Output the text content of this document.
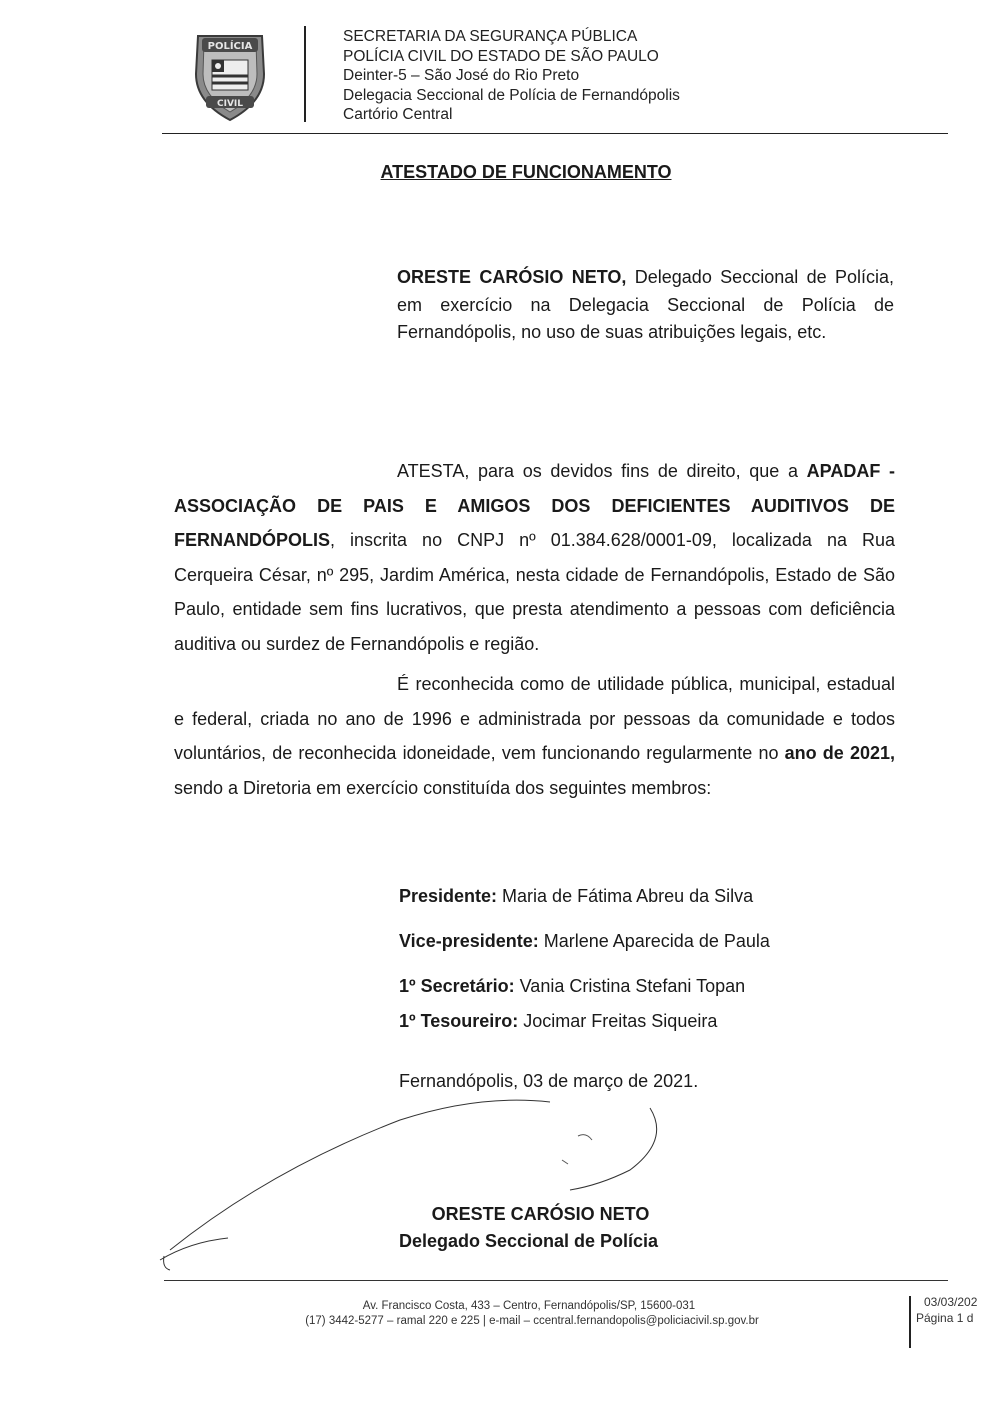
POLÍCIA
CIVIL
SECRETARIA DA SEGURANÇA PÚBLICA
POLÍCIA CIVIL DO ESTADO DE SÃO PAULO
Deinter-5 – São José do Rio Preto
Delegacia Seccional de Polícia de Fernandópolis
Cartório Central
ATESTADO DE FUNCIONAMENTO
ORESTE CARÓSIO NETO, Delegado Seccional de Polícia, em exercício na Delegacia Seccional de Polícia de Fernandópolis, no uso de suas atribuições legais, etc.

ATESTA, para os devidos fins de direito, que a APADAF - ASSOCIAÇÃO DE PAIS E AMIGOS DOS DEFICIENTES AUDITIVOS DE FERNANDÓPOLIS, inscrita no CNPJ nº 01.384.628/0001-09, localizada na Rua Cerqueira César, nº 295, Jardim América, nesta cidade de Fernandópolis, Estado de São Paulo, entidade sem fins lucrativos, que presta atendimento a pessoas com deficiência auditiva ou surdez de Fernandópolis e região.

É reconhecida como de utilidade pública, municipal, estadual e federal, criada no ano de 1996 e administrada por pessoas da comunidade e todos voluntários, de reconhecida idoneidade, vem funcionando regularmente no ano de 2021, sendo a Diretoria em exercício constituída dos seguintes membros:

Presidente: Maria de Fátima Abreu da Silva
Vice-presidente: Marlene Aparecida de Paula
1º Secretário: Vania Cristina Stefani Topan
1º Tesoureiro: Jocimar Freitas Siqueira
Fernandópolis, 03 de março de 2021.
ORESTE CARÓSIO NETO
Delegado Seccional de Polícia
Av. Francisco Costa, 433 – Centro, Fernandópolis/SP, 15600-031
(17) 3442-5277 – ramal 220 e 225 | e-mail – ccentral.fernandopolis@policiacivil.sp.gov.br
03/03/202
Página 1 d
